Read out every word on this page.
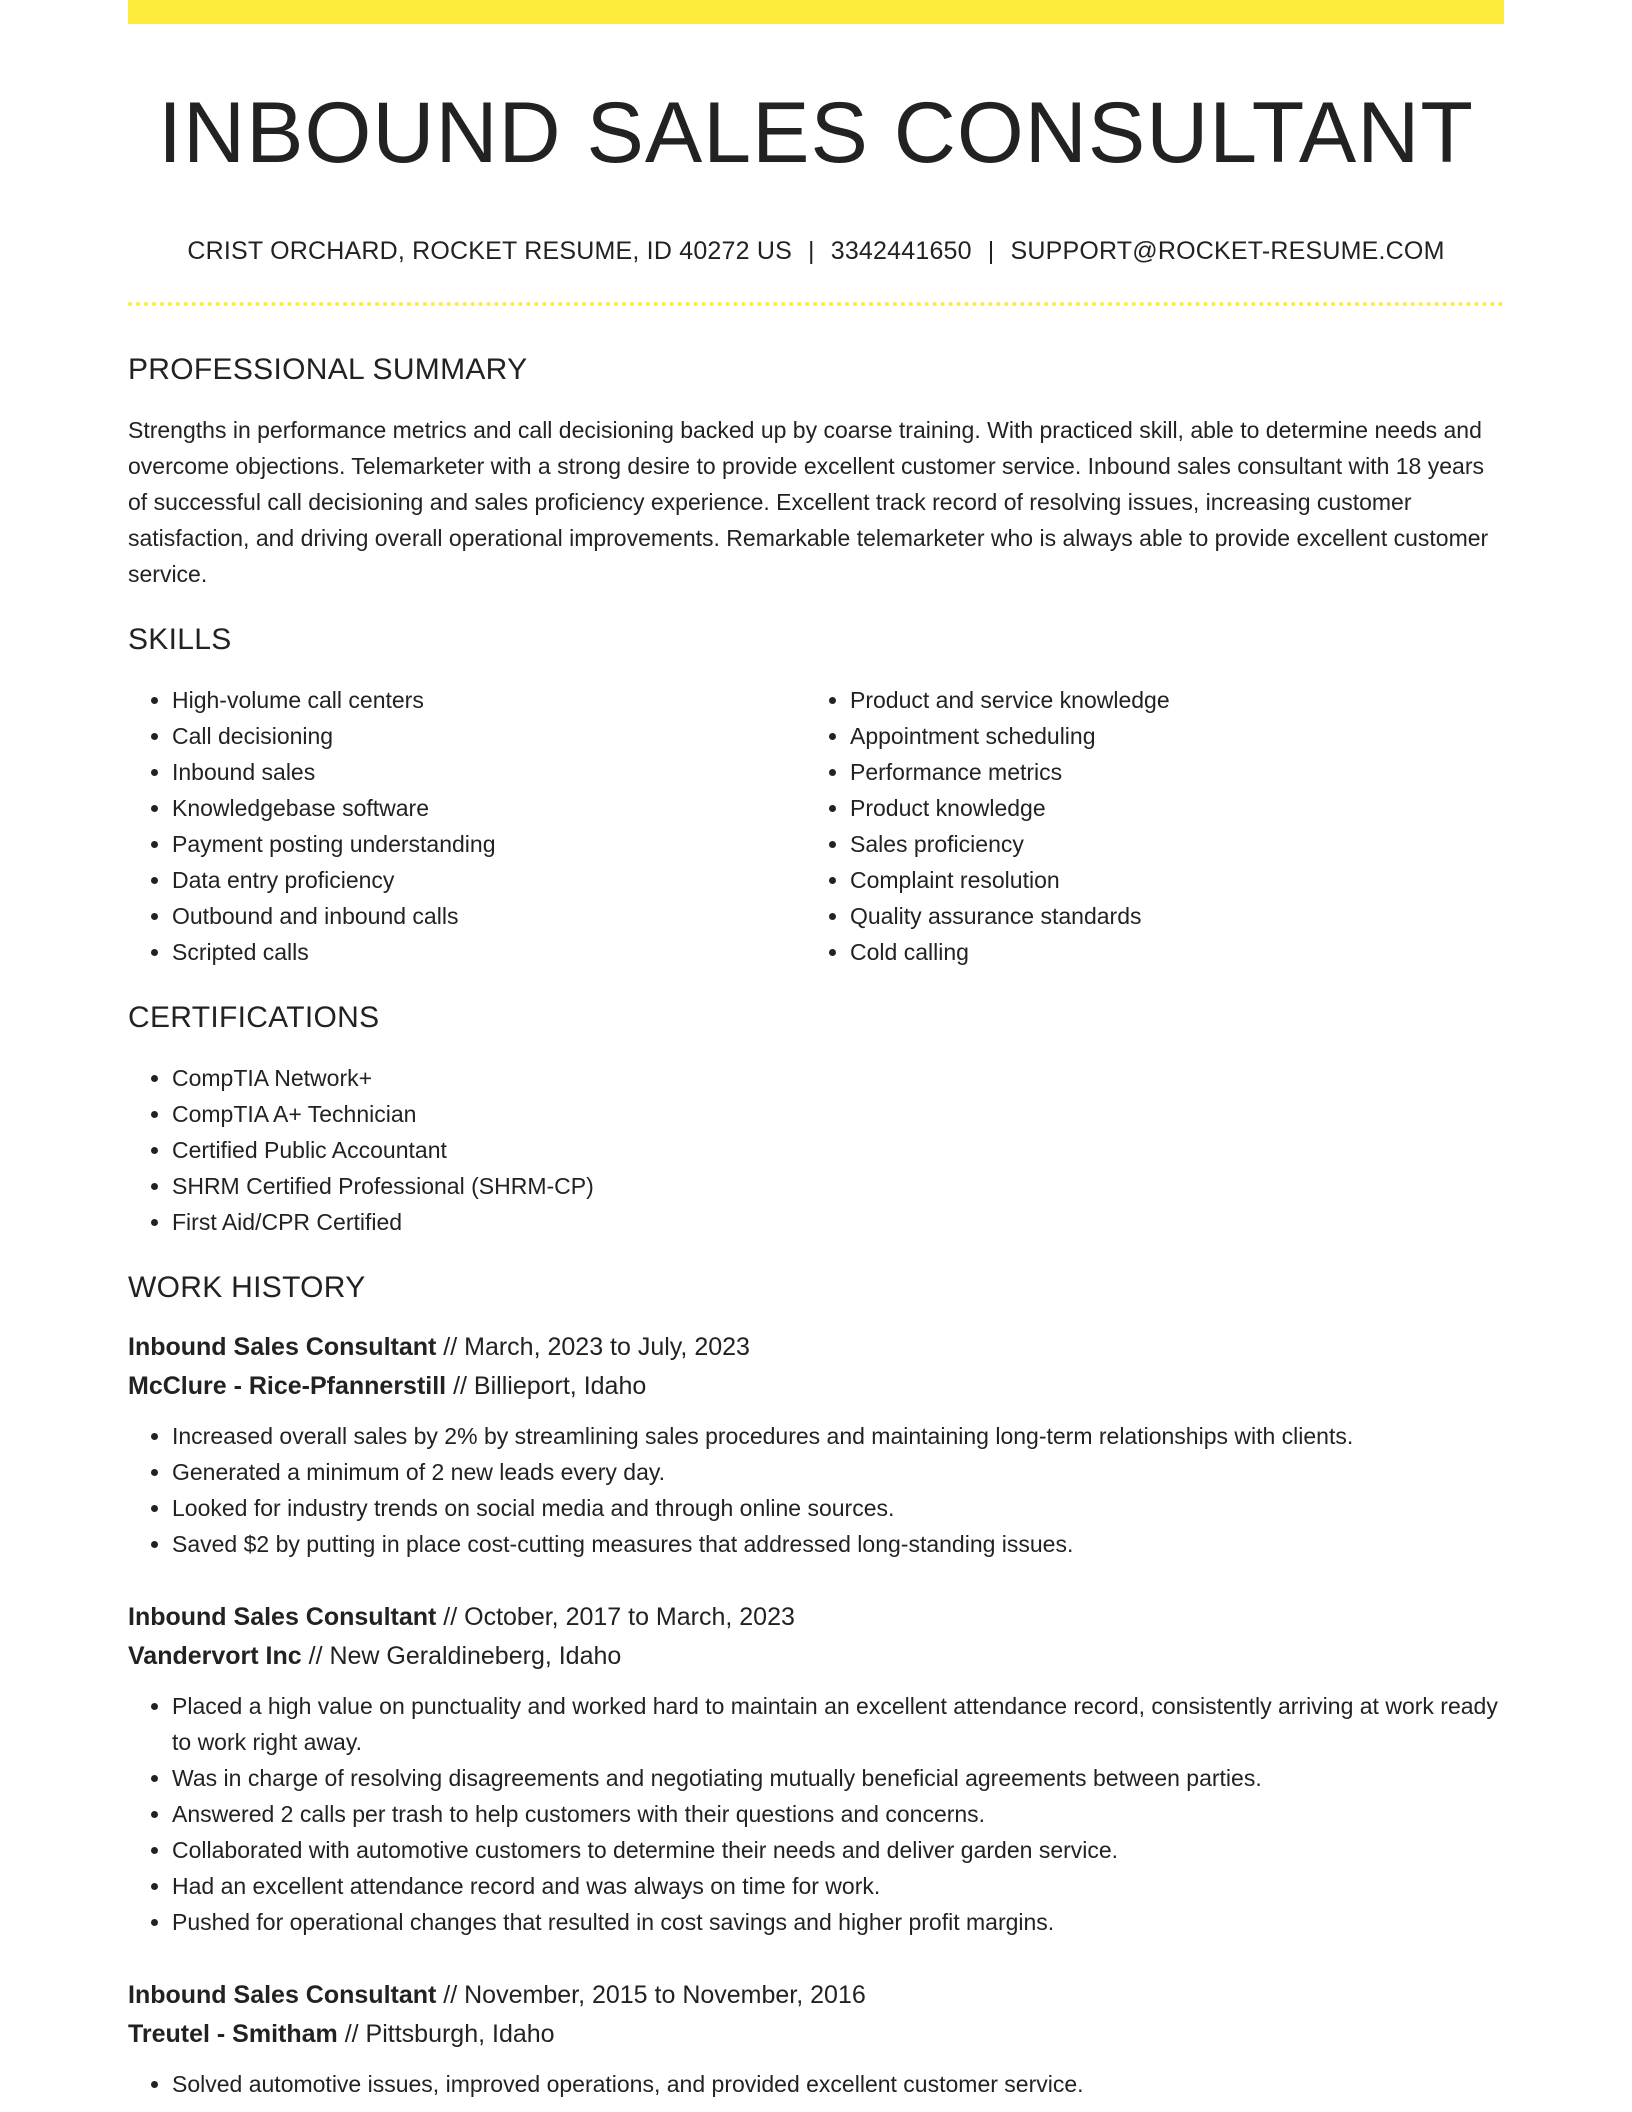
INBOUND SALES CONSULTANT
CRIST ORCHARD, ROCKET RESUME, ID 40272 US | 3342441650 | SUPPORT@ROCKET-RESUME.COM
PROFESSIONAL SUMMARY
Strengths in performance metrics and call decisioning backed up by coarse training. With practiced skill, able to determine needs and overcome objections. Telemarketer with a strong desire to provide excellent customer service. Inbound sales consultant with 18 years of successful call decisioning and sales proficiency experience. Excellent track record of resolving issues, increasing customer satisfaction, and driving overall operational improvements. Remarkable telemarketer who is always able to provide excellent customer service.
SKILLS
• High-volume call centers
• Call decisioning
• Inbound sales
• Knowledgebase software
• Payment posting understanding
• Data entry proficiency
• Outbound and inbound calls
• Scripted calls
• Product and service knowledge
• Appointment scheduling
• Performance metrics
• Product knowledge
• Sales proficiency
• Complaint resolution
• Quality assurance standards
• Cold calling
CERTIFICATIONS
• CompTIA Network+
• CompTIA A+ Technician
• Certified Public Accountant
• SHRM Certified Professional (SHRM-CP)
• First Aid/CPR Certified
WORK HISTORY
Inbound Sales Consultant // March, 2023 to July, 2023
McClure - Rice-Pfannerstill // Billieport, Idaho
• Increased overall sales by 2% by streamlining sales procedures and maintaining long-term relationships with clients.
• Generated a minimum of 2 new leads every day.
• Looked for industry trends on social media and through online sources.
• Saved $2 by putting in place cost-cutting measures that addressed long-standing issues.
Inbound Sales Consultant // October, 2017 to March, 2023
Vandervort Inc // New Geraldineberg, Idaho
• Placed a high value on punctuality and worked hard to maintain an excellent attendance record, consistently arriving at work ready to work right away.
• Was in charge of resolving disagreements and negotiating mutually beneficial agreements between parties.
• Answered 2 calls per trash to help customers with their questions and concerns.
• Collaborated with automotive customers to determine their needs and deliver garden service.
• Had an excellent attendance record and was always on time for work.
• Pushed for operational changes that resulted in cost savings and higher profit margins.
Inbound Sales Consultant // November, 2015 to November, 2016
Treutel - Smitham // Pittsburgh, Idaho
• Solved automotive issues, improved operations, and provided excellent customer service.
